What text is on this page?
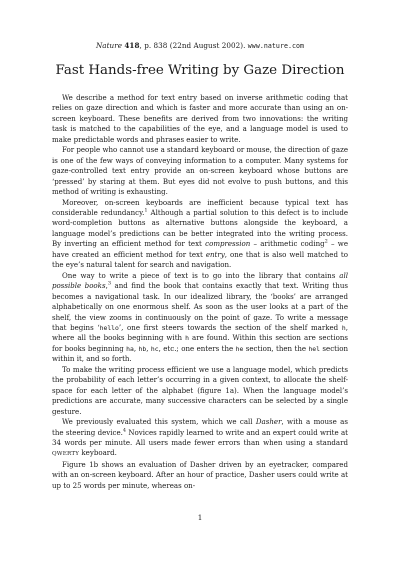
Nature 418, p. 838 (22nd August 2002). www.nature.com
Fast Hands-free Writing by Gaze Direction

We describe a method for text entry based on inverse arithmetic coding that relies on gaze direction and which is faster and more accurate than using an on-screen keyboard. These benefits are derived from two innovations: the writing task is matched to the capabilities of the eye, and a language model is used to make predictable words and phrases easier to write.

For people who cannot use a standard keyboard or mouse, the direction of gaze is one of the few ways of conveying information to a computer. Many systems for gaze-controlled text entry provide an on-screen keyboard whose buttons are ‘pressed’ by staring at them. But eyes did not evolve to push buttons, and this method of writing is exhausting.

Moreover, on-screen keyboards are inefficient because typical text has considerable redundancy.$^1$ Although a partial solution to this defect is to include word-completion buttons as alternative buttons alongside the keyboard, a language model’s predictions can be better integrated into the writing process. By inverting an efficient method for text compression – arithmetic coding$^2$ – we have created an efficient method for text entry, one that is also well matched to the eye’s natural talent for search and navigation.

One way to write a piece of text is to go into the library that contains all possible books,$^3$ and find the book that contains exactly that text. Writing thus becomes a navigational task. In our idealized library, the ‘books’ are arranged alphabetically on one enormous shelf. As soon as the user looks at a part of the shelf, the view zooms in continuously on the point of gaze. To write a message that begins ‘hello’, one first steers towards the section of the shelf marked h, where all the books beginning with h are found. Within this section are sections for books beginning ha, hb, hc, etc.; one enters the he section, then the hel section within it, and so forth.

To make the writing process efficient we use a language model, which predicts the probability of each letter’s occurring in a given context, to allocate the shelf-space for each letter of the alphabet (figure 1a). When the language model’s predictions are accurate, many successive characters can be selected by a single gesture.

We previously evaluated this system, which we call Dasher, with a mouse as the steering device.$^4$ Novices rapidly learned to write and an expert could write at 34 words per minute. All users made fewer errors than when using a standard QWERTY keyboard.

Figure 1b shows an evaluation of Dasher driven by an eyetracker, compared with an on-screen keyboard. After an hour of practice, Dasher users could write at up to 25 words per minute, whereas on-

1
